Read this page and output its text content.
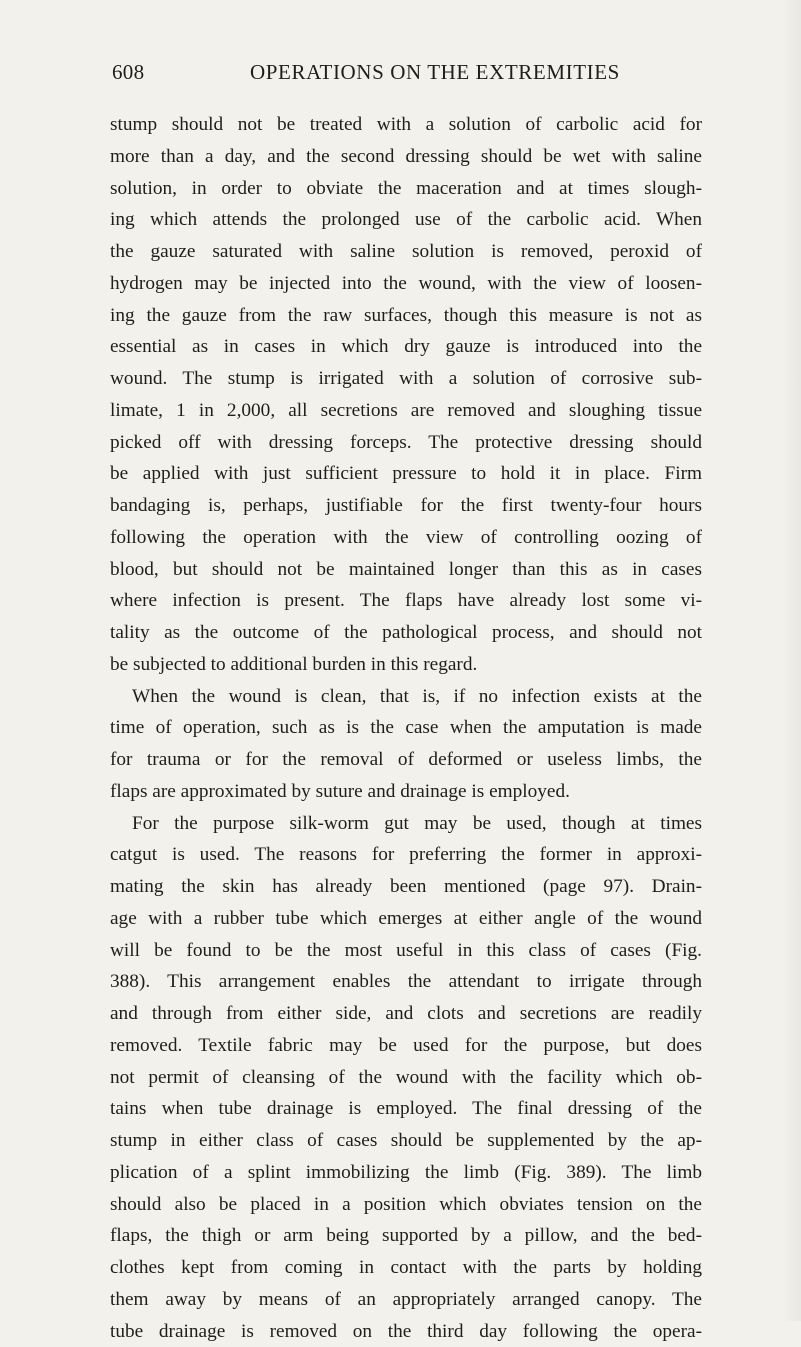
608	OPERATIONS ON THE EXTREMITIES
stump should not be treated with a solution of carbolic acid for
more than a day, and the second dressing should be wet with saline
solution, in order to obviate the maceration and at times slough-
ing which attends the prolonged use of the carbolic acid. When
the gauze saturated with saline solution is removed, peroxid of
hydrogen may be injected into the wound, with the view of loosen-
ing the gauze from the raw surfaces, though this measure is not as
essential as in cases in which dry gauze is introduced into the
wound. The stump is irrigated with a solution of corrosive sub-
limate, 1 in 2,000, all secretions are removed and sloughing tissue
picked off with dressing forceps. The protective dressing should
be applied with just sufficient pressure to hold it in place. Firm
bandaging is, perhaps, justifiable for the first twenty-four hours
following the operation with the view of controlling oozing of
blood, but should not be maintained longer than this as in cases
where infection is present. The flaps have already lost some vi-
tality as the outcome of the pathological process, and should not
be subjected to additional burden in this regard.
When the wound is clean, that is, if no infection exists at the
time of operation, such as is the case when the amputation is made
for trauma or for the removal of deformed or useless limbs, the
flaps are approximated by suture and drainage is employed.
For the purpose silk-worm gut may be used, though at times
catgut is used. The reasons for preferring the former in approxi-
mating the skin has already been mentioned (page 97). Drain-
age with a rubber tube which emerges at either angle of the wound
will be found to be the most useful in this class of cases (Fig.
388). This arrangement enables the attendant to irrigate through
and through from either side, and clots and secretions are readily
removed. Textile fabric may be used for the purpose, but does
not permit of cleansing of the wound with the facility which ob-
tains when tube drainage is employed. The final dressing of the
stump in either class of cases should be supplemented by the ap-
plication of a splint immobilizing the limb (Fig. 389). The limb
should also be placed in a position which obviates tension on the
flaps, the thigh or arm being supported by a pillow, and the bed-
clothes kept from coming in contact with the parts by holding
them away by means of an appropriately arranged canopy. The
tube drainage is removed on the third day following the opera-
